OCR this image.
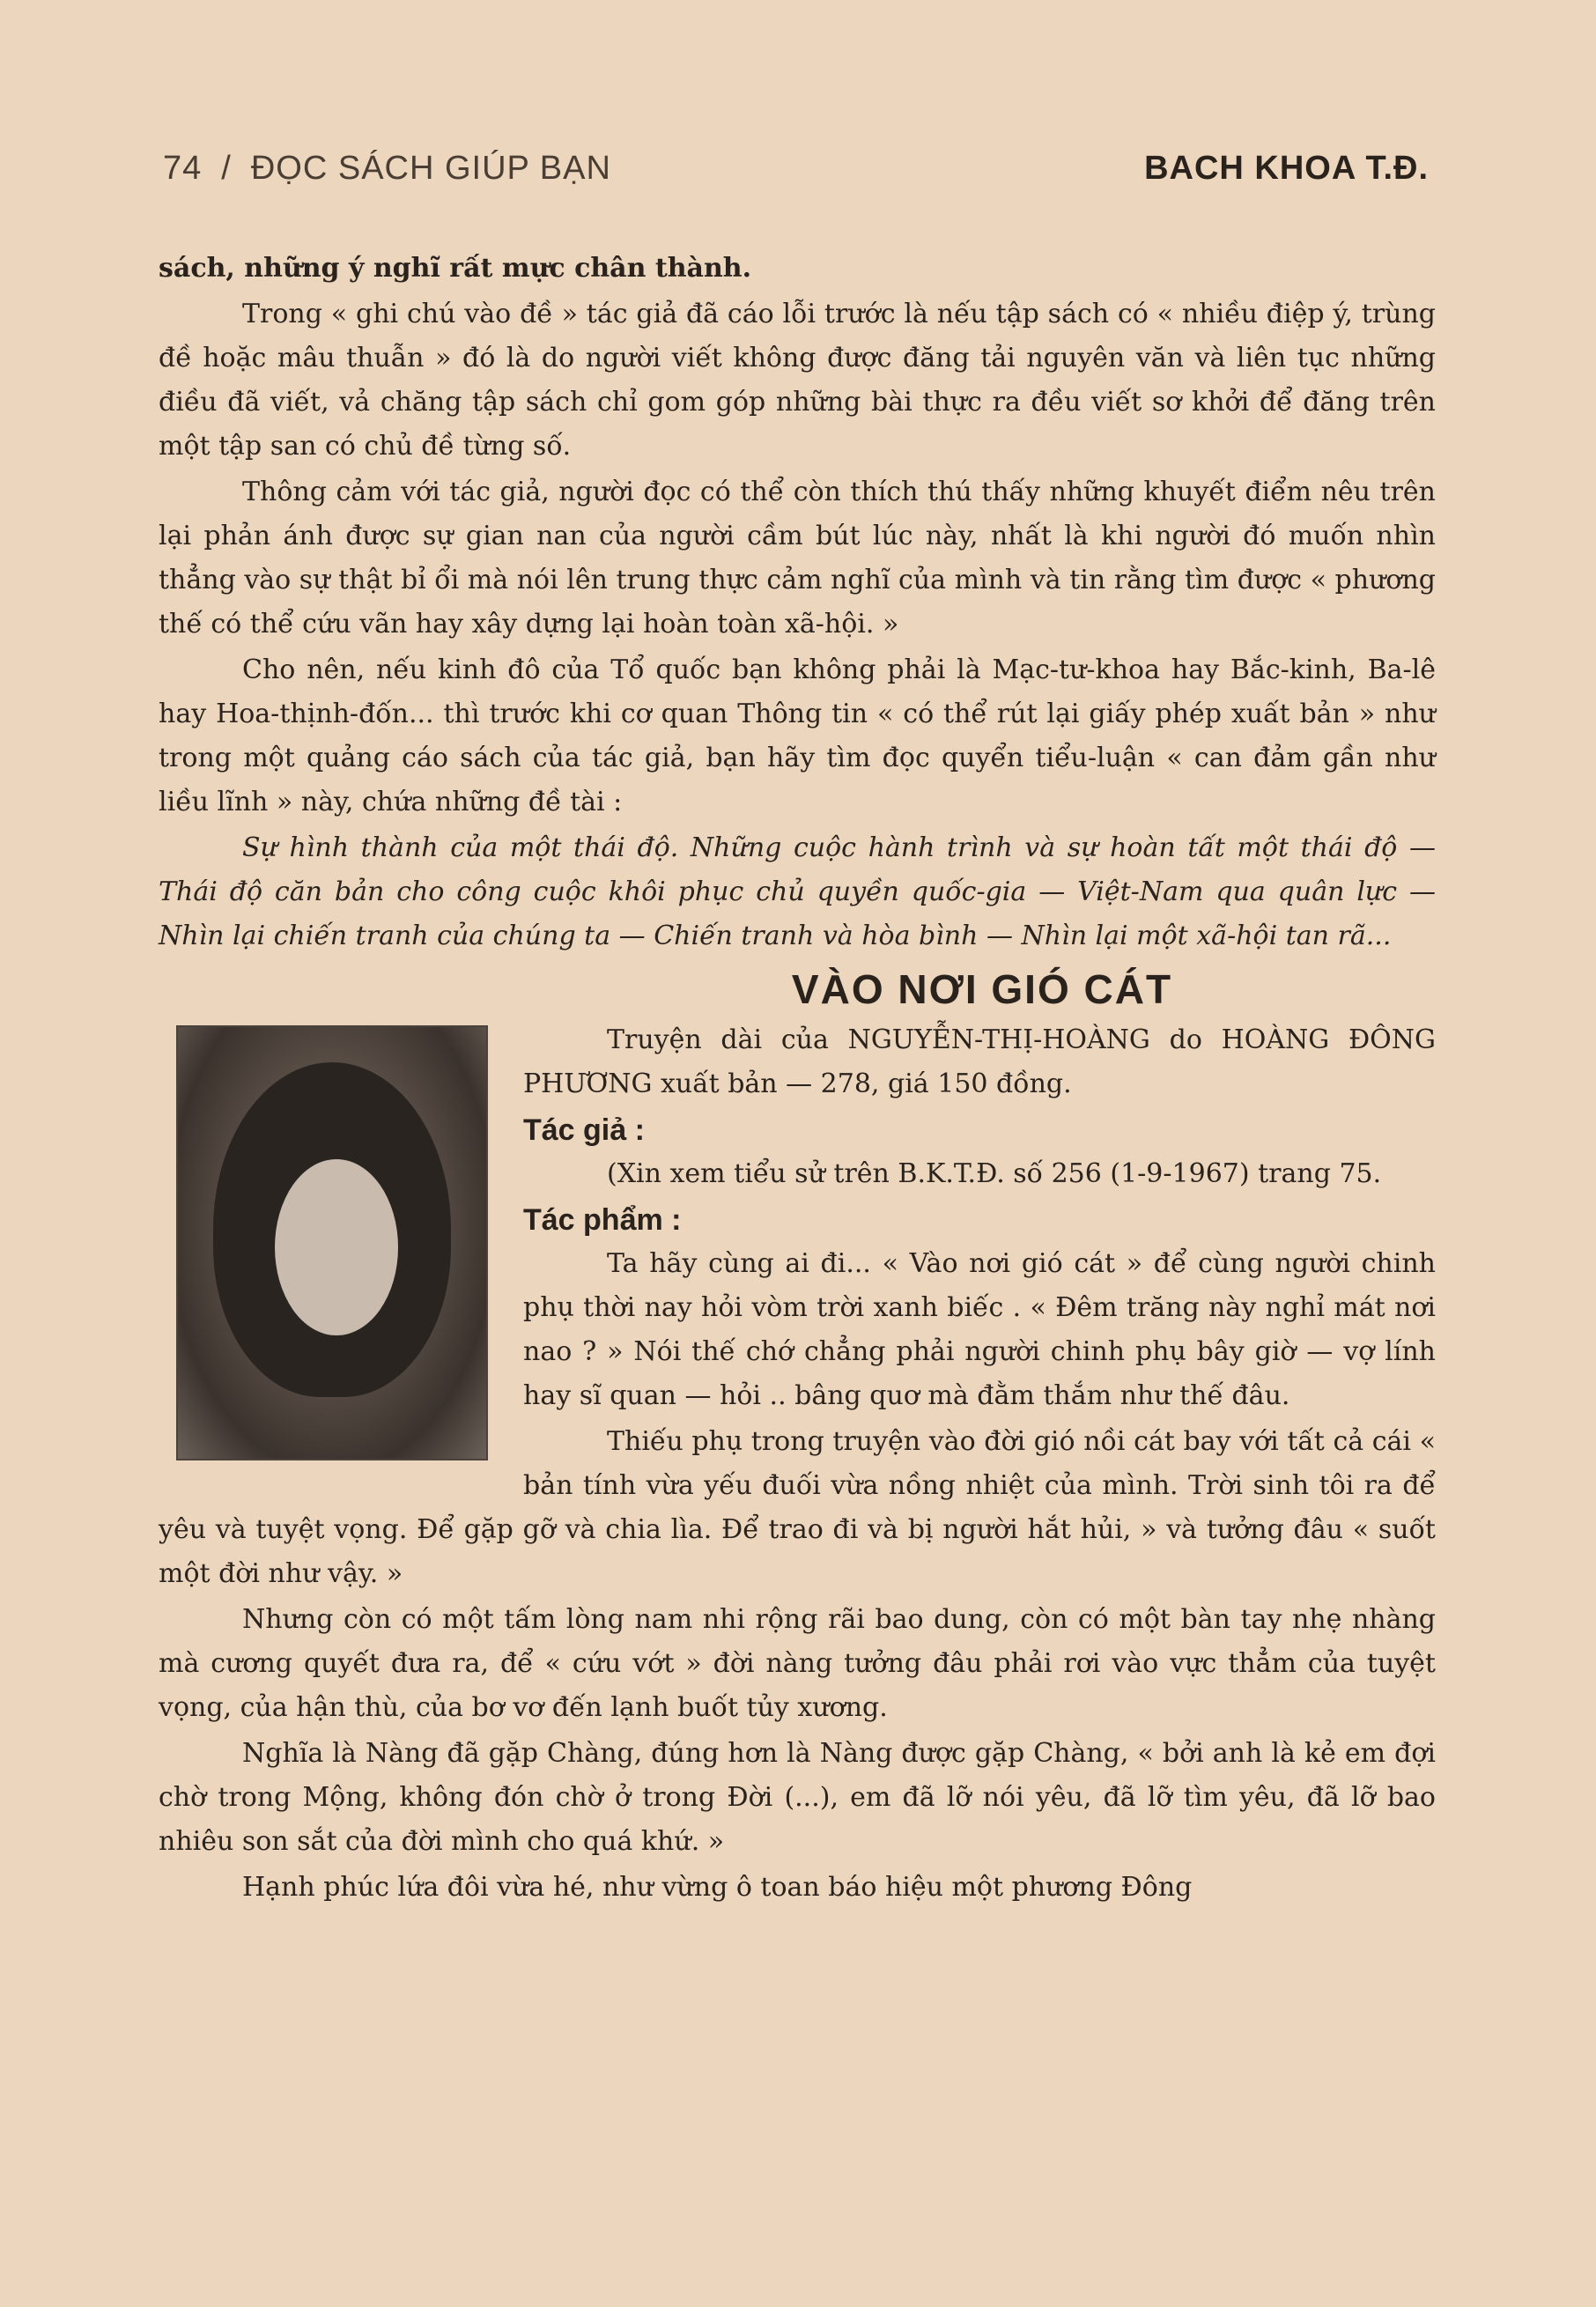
74 / ĐỌC SÁCH GIÚP BẠN	BACH KHOA T.Đ.

sách, những ý nghĩ rất mực chân thành.

Trong « ghi chú vào đề » tác giả đã cáo lỗi trước là nếu tập sách có « nhiều điệp ý, trùng đề hoặc mâu thuẫn » đó là do người viết không được đăng tải nguyên văn và liên tục những điều đã viết, vả chăng tập sách chỉ gom góp những bài thực ra đều viết sơ khởi để đăng trên một tập san có chủ đề từng số.

Thông cảm với tác giả, người đọc có thể còn thích thú thấy những khuyết điểm nêu trên lại phản ánh được sự gian nan của người cầm bút lúc này, nhất là khi người đó muốn nhìn thẳng vào sự thật bỉ ổi mà nói lên trung thực cảm nghĩ của mình và tin rằng tìm được « phương thế có thể cứu vãn hay xây dựng lại hoàn toàn xã-hội. »

Cho nên, nếu kinh đô của Tổ quốc bạn không phải là Mạc-tư-khoa hay Bắc-kinh, Ba-lê hay Hoa-thịnh-đốn... thì trước khi cơ quan Thông tin « có thể rút lại giấy phép xuất bản » như trong một quảng cáo sách của tác giả, bạn hãy tìm đọc quyển tiểu-luận « can đảm gần như liều lĩnh » này, chứa những đề tài :

Sự hình thành của một thái độ. Những cuộc hành trình và sự hoàn tất một thái độ — Thái độ căn bản cho công cuộc khôi phục chủ quyền quốc-gia — Việt-Nam qua quân lực — Nhìn lại chiến tranh của chúng ta — Chiến tranh và hòa bình — Nhìn lại một xã-hội tan rã...

VÀO NƠI GIÓ CÁT

Truyện dài của NGUYỄN-THỊ-HOÀNG do HOÀNG ĐÔNG PHƯƠNG xuất bản — 278, giá 150 đồng.

Tác giả :

(Xin xem tiểu sử trên B.K.T.Đ. số 256 (1-9-1967) trang 75.

Tác phẩm :

Ta hãy cùng ai đi... « Vào nơi gió cát » để cùng người chinh phụ thời nay hỏi vòm trời xanh biếc . « Đêm trăng này nghỉ mát nơi nao ? » Nói thế chớ chẳng phải người chinh phụ bây giờ — vợ lính hay sĩ quan — hỏi .. bâng quơ mà đằm thắm như thế đâu.

Thiếu phụ trong truyện vào đời gió nồi cát bay với tất cả cái « bản tính vừa yếu đuối vừa nồng nhiệt của mình. Trời sinh tôi ra để yêu và tuyệt vọng. Để gặp gỡ và chia lìa. Để trao đi và bị người hắt hủi, » và tưởng đâu « suốt một đời như vậy. »

Nhưng còn có một tấm lòng nam nhi rộng rãi bao dung, còn có một bàn tay nhẹ nhàng mà cương quyết đưa ra, để « cứu vớt » đời nàng tưởng đâu phải rơi vào vực thẳm của tuyệt vọng, của hận thù, của bơ vơ đến lạnh buốt tủy xương.

Nghĩa là Nàng đã gặp Chàng, đúng hơn là Nàng được gặp Chàng, « bởi anh là kẻ em đợi chờ trong Mộng, không đón chờ ở trong Đời (...), em đã lỡ nói yêu, đã lỡ tìm yêu, đã lỡ bao nhiêu son sắt của đời mình cho quá khứ. »

Hạnh phúc lứa đôi vừa hé, như vừng ô toan báo hiệu một phương Đông
